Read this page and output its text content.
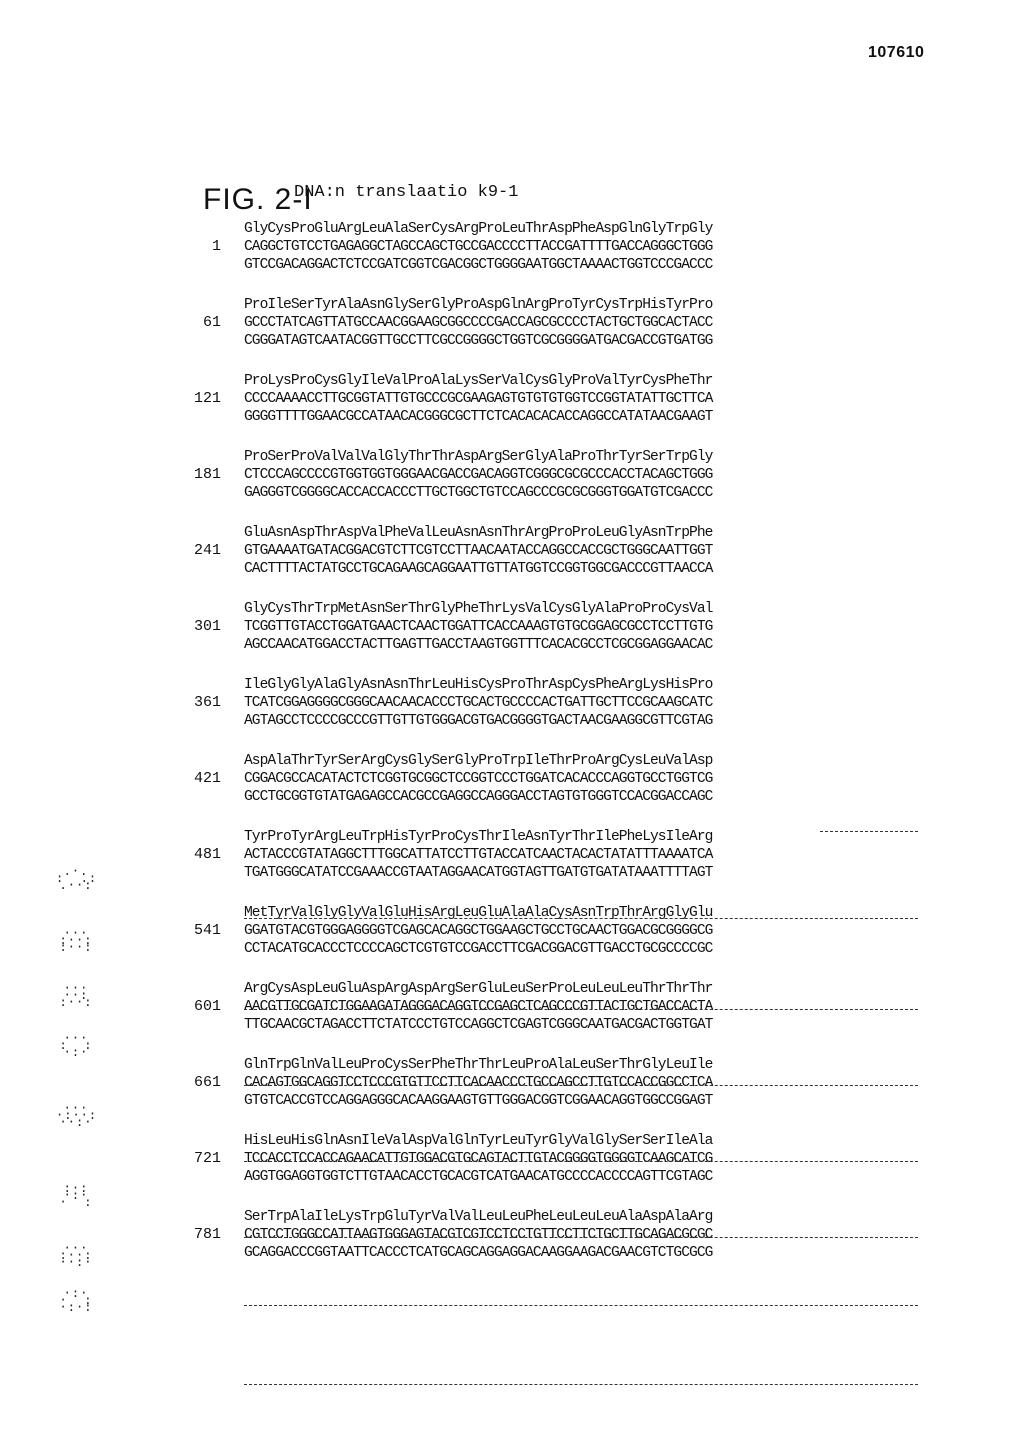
107610
FIG. 2-I
DNA:n translaatio k9-1
1
GlyCysProGluArgLeuAlaSerCysArgProLeuThrAspPheAspGlnGlyTrpGly
CAGGCTGTCCTGAGAGGCTAGCCAGCTGCCGACCCCTTACCGATTTTGACCAGGGCTGGG
GTCCGACAGGACTCTCCGATCGGTCGACGGCTGGGGAATGGCTAAAACTGGTCCCGACCC
61
ProIleSerTyrAlaAsnGlySerGlyProAspGlnArgProTyrCysTrpHisTyrPro
GCCCTATCAGTTATGCCAACGGAAGCGGCCCCGACCAGCGCCCCTACTGCTGGCACTACC
CGGGATAGTCAATACGGTTGCCTTCGCCGGGGCTGGTCGCGGGGATGACGACCGTGATGG
121
ProLysProCysGlyIleValProAlaLysSerValCysGlyProValTyrCysPheThr
CCCCAAAACCTTGCGGTATTGTGCCCGCGAAGAGTGTGTGTGGTCCGGTATATTGCTTCA
GGGGTTTTGGAACGCCATAACACGGGCGCTTCTCACACACACCAGGCCATATAACGAAGT
181
ProSerProValValValGlyThrThrAspArgSerGlyAlaProThrTyrSerTrpGly
CTCCCAGCCCCGTGGTGGTGGGAACGACCGACAGGTCGGGCGCGCCCACCTACAGCTGGG
GAGGGTCGGGGCACCACCACCCTTGCTGGCTGTCCAGCCCGCGCGGGTGGATGTCGACCC
241
GluAsnAspThrAspValPheValLeuAsnAsnThrArgProProLeuGlyAsnTrpPhe
GTGAAAATGATACGGACGTCTTCGTCCTTAACAATACCAGGCCACCGCTGGGCAATTGGT
CACTTTTACTATGCCTGCAGAAGCAGGAATTGTTATGGTCCGGTGGCGACCCGTTAACCA
301
GlyCysThrTrpMetAsnSerThrGlyPheThrLysValCysGlyAlaProProCysVal
TCGGTTGTACCTGGATGAACTCAACTGGATTCACCAAAGTGTGCGGAGCGCCTCCTTGTG
AGCCAACATGGACCTACTTGAGTTGACCTAAGTGGTTTCACACGCCTCGCGGAGGAACAC
361
IleGlyGlyAlaGlyAsnAsnThrLeuHisCysProThrAspCysPheArgLysHisPro
TCATCGGAGGGGCGGGCAACAACACCCTGCACTGCCCCACTGATTGCTTCCGCAAGCATC
AGTAGCCTCCCCGCCCGTTGTTGTGGGACGTGACGGGGTGACTAACGAAGGCGTTCGTAG
421
AspAlaThrTyrSerArgCysGlySerGlyProTrpIleThrProArgCysLeuValAsp
CGGACGCCACATACTCTCGGTGCGGCTCCGGTCCCTGGATCACACCCAGGTGCCTGGTCG
GCCTGCGGTGTATGAGAGCCACGCCGAGGCCAGGGACCTAGTGTGGGTCCACGGACCAGC
481
TyrProTyrArgLeuTrpHisTyrProCysThrIleAsnTyrThrIlePheLysIleArg
ACTACCCGTATAGGCTTTGGCATTATCCTTGTACCATCAACTACACTATATTTAAAATCA
TGATGGGCATATCCGAAACCGTAATAGGAACATGGTAGTTGATGTGATATAAATTTTAGT
541
MetTyrValGlyGlyValGluHisArgLeuGluAlaAlaCysAsnTrpThrArgGlyGlu
GGATGTACGTGGGAGGGGTCGAGCACAGGCTGGAAGCTGCCTGCAACTGGACGCGGGGCG
CCTACATGCACCCTCCCCAGCTCGTGTCCGACCTTCGACGGACGTTGACCTGCGCCCCGC
601
ArgCysAspLeuGluAspArgAspArgSerGluLeuSerProLeuLeuLeuThrThrThr
AACGTTGCGATCTGGAAGATAGGGACAGGTCCGAGCTCAGCCCGTTACTGCTGACCACTA
TTGCAACGCTAGACCTTCTATCCCTGTCCAGGCTCGAGTCGGGCAATGACGACTGGTGAT
661
GlnTrpGlnValLeuProCysSerPheThrThrLeuProAlaLeuSerThrGlyLeuIle
CACAGTGGCAGGTCCTCCCGTGTTCCTTCACAACCCTGCCAGCCTTGTCCACCGGCCTCA
GTGTCACCGTCCAGGAGGGCACAAGGAAGTGTTGGGACGGTCGGAACAGGTGGCCGGAGT
721
HisLeuHisGlnAsnIleValAspValGlnTyrLeuTyrGlyValGlySerSerIleAla
TCCACCTCCACCAGAACATTGTGGACGTGCAGTACTTGTACGGGGTGGGGTCAAGCATCG
AGGTGGAGGTGGTCTTGTAACACCTGCACGTCATGAACATGCCCCACCCCAGTTCGTAGC
781
SerTrpAlaIleLysTrpGluTyrValValLeuLeuPheLeuLeuLeuAlaAspAlaArg
CGTCCTGGGCCATTAAGTGGGAGTACGTCGTCCTCCTGTTCCTTCTGCTTGCAGACGCGC
GCAGGACCCGGTAATTCACCCTCATGCAGCAGGAGGACAAGGAAGACGAACGTCTGCGCG
.·.
:  .:
.··:
···
:··:
:··:
···
··:
:··:
···
:  :
·:·
···
·:··:
··:·
:·:
·:·
·  :
···
:··:
··:·
·:·
·  :
·:·:
